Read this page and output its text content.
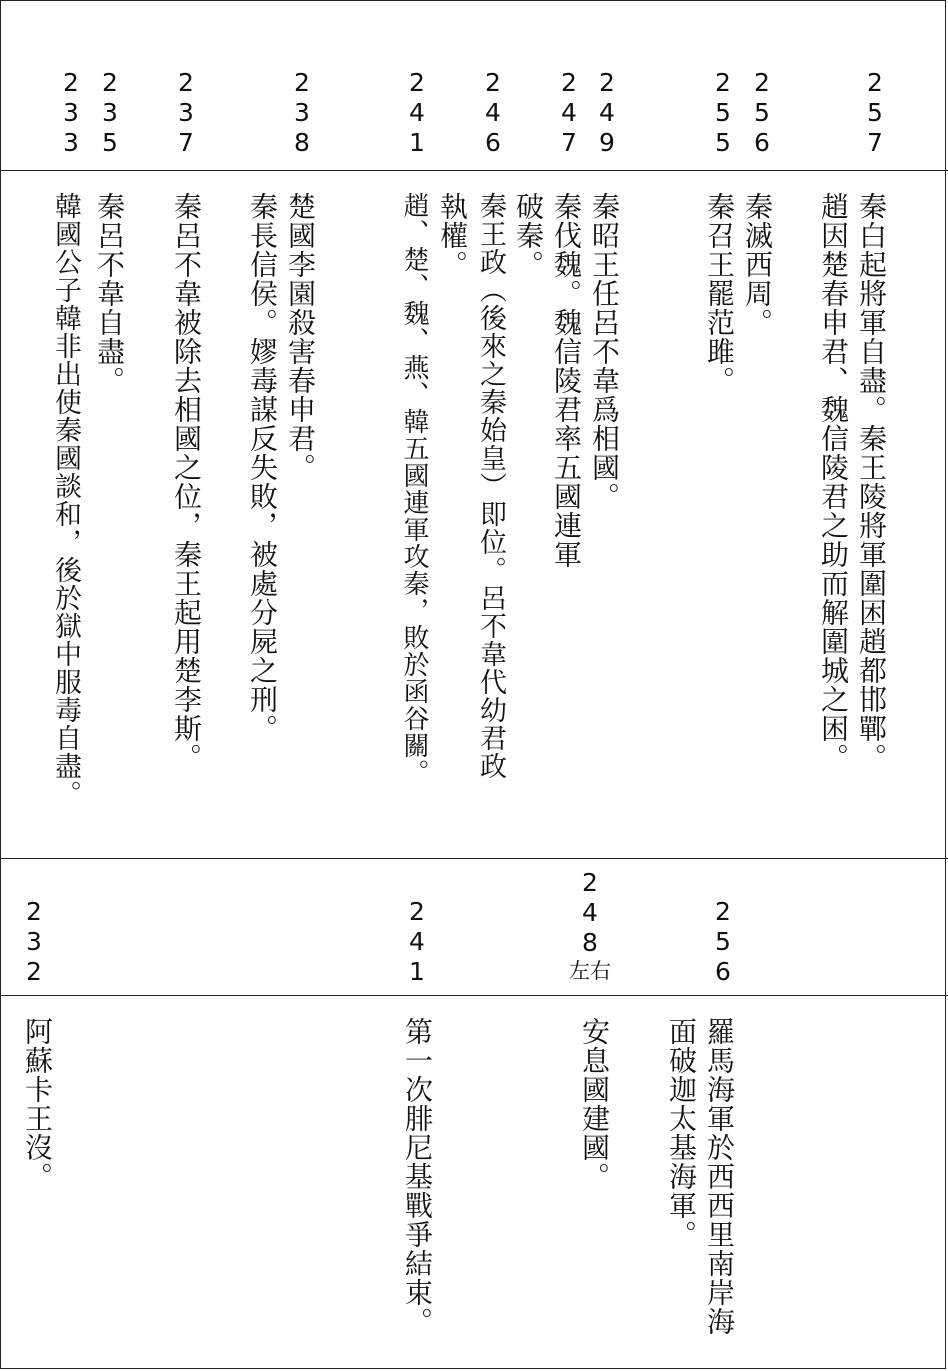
2
5
7
2
5
6
2
5
5
2
4
9
2
4
7
2
4
6
2
4
1
2
3
8
2
3
7
2
3
5
2
3
3
秦白起將軍自盡。秦王陵將軍圍困趙都邯鄲。
趙因楚春申君、魏信陵君之助而解圍城之困。
秦滅西周。
秦召王罷范雎。
秦昭王任呂不韋爲相國。
秦伐魏。魏信陵君率五國連軍
破秦。
秦王政（後來之秦始皇）即位。呂不韋代幼君政
執權。
趙、楚、魏、燕、韓五國連軍攻秦，敗於函谷關。
楚國李園殺害春申君。
秦長信侯。嫪毒謀反失敗，被處分屍之刑。
秦呂不韋被除去相國之位，秦王起用楚李斯。
秦呂不韋自盡。
韓國公子韓非出使秦國談和，後於獄中服毒自盡。
2
5
6
2
4
8
左右
2
4
1
2
3
2
羅馬海軍於西西里南岸海
面破迦太基海軍。
安息國建國。
第一次腓尼基戰爭結束。
阿蘇卡王沒。
